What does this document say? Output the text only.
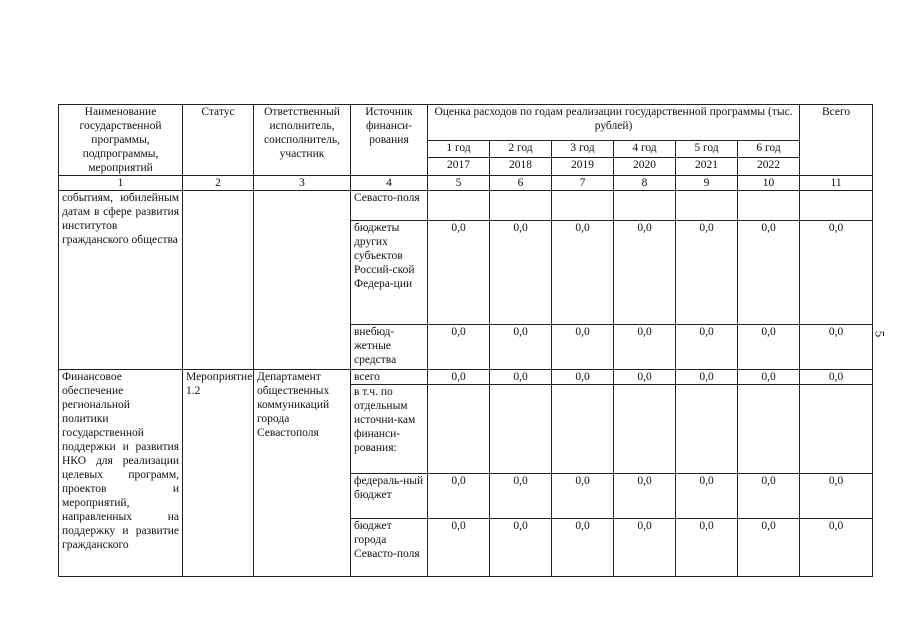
Наименование государственной программы, подпрограммы, мероприятий	Статус	Ответственный исполнитель, соисполнитель, участник	Источник финанси-рования	Оценка расходов по годам реализации государственной программы (тыс. рублей)						Всего
				1 год	2 год	3 год	4 год	5 год	6 год	
				2017	2018	2019	2020	2021	2022	
1	2	3	4	5	6	7	8	9	10	11
событиям, юбилейным датам в сфере развития институтов гражданского общества			Севасто-поля							
			бюджеты других субъектов Россий-ской Федера-ции	0,0	0,0	0,0	0,0	0,0	0,0	0,0
			внебюд-жетные средства	0,0	0,0	0,0	0,0	0,0	0,0	0,0
Финансовое обеспечение региональной политики государственной поддержки и развития НКО для реализации целевых программ, проектов и мероприятий, направленных на поддержку и развитие гражданского	Мероприятие 1.2	Департамент общественных коммуникаций города Севастополя	всего	0,0	0,0	0,0	0,0	0,0	0,0	0,0
			в т.ч. по отдельным источни-кам финанси-рования:							
			федераль-ный бюджет	0,0	0,0	0,0	0,0	0,0	0,0	0,0
			бюджет города Севасто-поля	0,0	0,0	0,0	0,0	0,0	0,0	0,0
5
